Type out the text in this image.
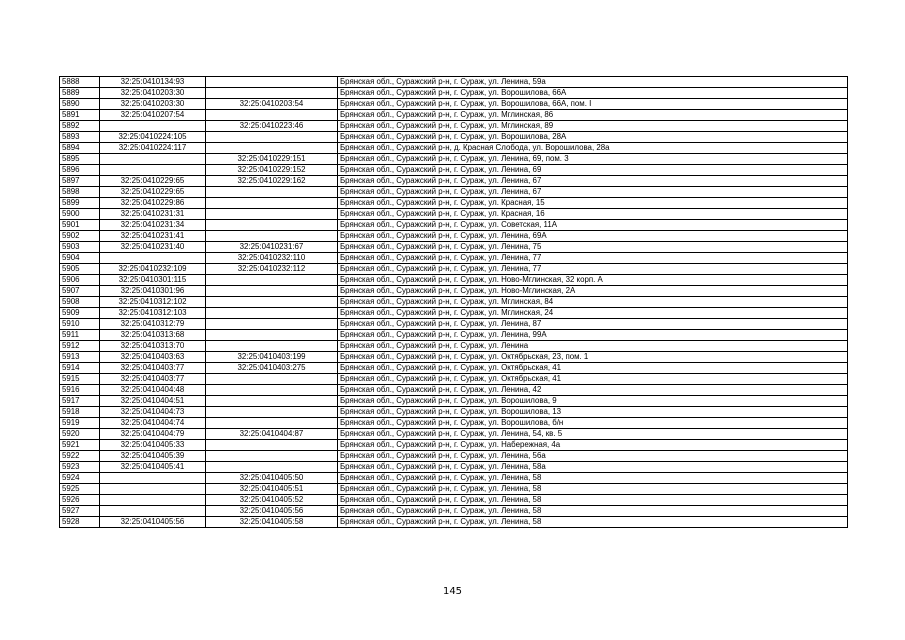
5888	32:25:0410134:93		Брянская обл., Суражский р-н, г. Сураж, ул. Ленина, 59а
5889	32:25:0410203:30		Брянская обл., Суражский р-н, г. Сураж, ул. Ворошилова, 66А
5890	32:25:0410203:30	32:25:0410203:54	Брянская обл., Суражский р-н, г. Сураж, ул. Ворошилова, 66А, пом. I
5891	32:25:0410207:54		Брянская обл., Суражский р-н, г. Сураж, ул. Мглинская, 86
5892		32:25:0410223:46	Брянская обл., Суражский р-н, г. Сураж, ул. Мглинская, 89
5893	32:25:0410224:105		Брянская обл., Суражский р-н, г. Сураж, ул. Ворошилова, 28А
5894	32:25:0410224:117		Брянская обл., Суражский р-н, д. Красная Слобода, ул. Ворошилова, 28а
5895		32:25:0410229:151	Брянская обл., Суражский р-н, г. Сураж, ул. Ленина, 69, пом. 3
5896		32:25:0410229:152	Брянская обл., Суражский р-н, г. Сураж, ул. Ленина, 69
5897	32:25:0410229:65	32:25:0410229:162	Брянская обл., Суражский р-н, г. Сураж, ул. Ленина, 67
5898	32:25:0410229:65		Брянская обл., Суражский р-н, г. Сураж, ул. Ленина, 67
5899	32:25:0410229:86		Брянская обл., Суражский р-н, г. Сураж, ул. Красная, 15
5900	32:25:0410231:31		Брянская обл., Суражский р-н, г. Сураж, ул. Красная, 16
5901	32:25:0410231:34		Брянская обл., Суражский р-н, г. Сураж, ул. Советская, 11А
5902	32:25:0410231:41		Брянская обл., Суражский р-н, г. Сураж, ул. Ленина, 69А
5903	32:25:0410231:40	32:25:0410231:67	Брянская обл., Суражский р-н, г. Сураж, ул. Ленина, 75
5904		32:25:0410232:110	Брянская обл., Суражский р-н, г. Сураж, ул. Ленина, 77
5905	32:25:0410232:109	32:25:0410232:112	Брянская обл., Суражский р-н, г. Сураж, ул. Ленина, 77
5906	32:25:0410301:115		Брянская обл., Суражский р-н, г. Сураж, ул. Ново-Мглинская, 32 корп. А
5907	32:25:0410301:96		Брянская обл., Суражский р-н, г. Сураж, ул. Ново-Мглинская, 2А
5908	32:25:0410312:102		Брянская обл., Суражский р-н, г. Сураж, ул. Мглинская, 84
5909	32:25:0410312:103		Брянская обл., Суражский р-н, г. Сураж, ул. Мглинская, 24
5910	32:25:0410312:79		Брянская обл., Суражский р-н, г. Сураж, ул. Ленина, 87
5911	32:25:0410313:68		Брянская обл., Суражский р-н, г. Сураж, ул. Ленина, 99А
5912	32:25:0410313:70		Брянская обл., Суражский р-н, г. Сураж, ул. Ленина
5913	32:25:0410403:63	32:25:0410403:199	Брянская обл., Суражский р-н, г. Сураж, ул. Октябрьская, 23, пом. 1
5914	32:25:0410403:77	32:25:0410403:275	Брянская обл., Суражский р-н, г. Сураж, ул. Октябрьская, 41
5915	32:25:0410403:77		Брянская обл., Суражский р-н, г. Сураж, ул. Октябрьская, 41
5916	32:25:0410404:48		Брянская обл., Суражский р-н, г. Сураж, ул. Ленина, 42
5917	32:25:0410404:51		Брянская обл., Суражский р-н, г. Сураж, ул. Ворошилова, 9
5918	32:25:0410404:73		Брянская обл., Суражский р-н, г. Сураж, ул. Ворошилова, 13
5919	32:25:0410404:74		Брянская обл., Суражский р-н, г. Сураж, ул. Ворошилова, б/н
5920	32:25:0410404:79	32:25:0410404:87	Брянская обл., Суражский р-н, г. Сураж, ул. Ленина, 54, кв. 5
5921	32:25:0410405:33		Брянская обл., Суражский р-н, г. Сураж, ул. Набережная, 4а
5922	32:25:0410405:39		Брянская обл., Суражский р-н, г. Сураж, ул. Ленина, 56а
5923	32:25:0410405:41		Брянская обл., Суражский р-н, г. Сураж, ул. Ленина, 58а
5924		32:25:0410405:50	Брянская обл., Суражский р-н, г. Сураж, ул. Ленина, 58
5925		32:25:0410405:51	Брянская обл., Суражский р-н, г. Сураж, ул. Ленина, 58
5926		32:25:0410405:52	Брянская обл., Суражский р-н, г. Сураж, ул. Ленина, 58
5927		32:25:0410405:56	Брянская обл., Суражский р-н, г. Сураж, ул. Ленина, 58
5928	32:25:0410405:56	32:25:0410405:58	Брянская обл., Суражский р-н, г. Сураж, ул. Ленина, 58
145
